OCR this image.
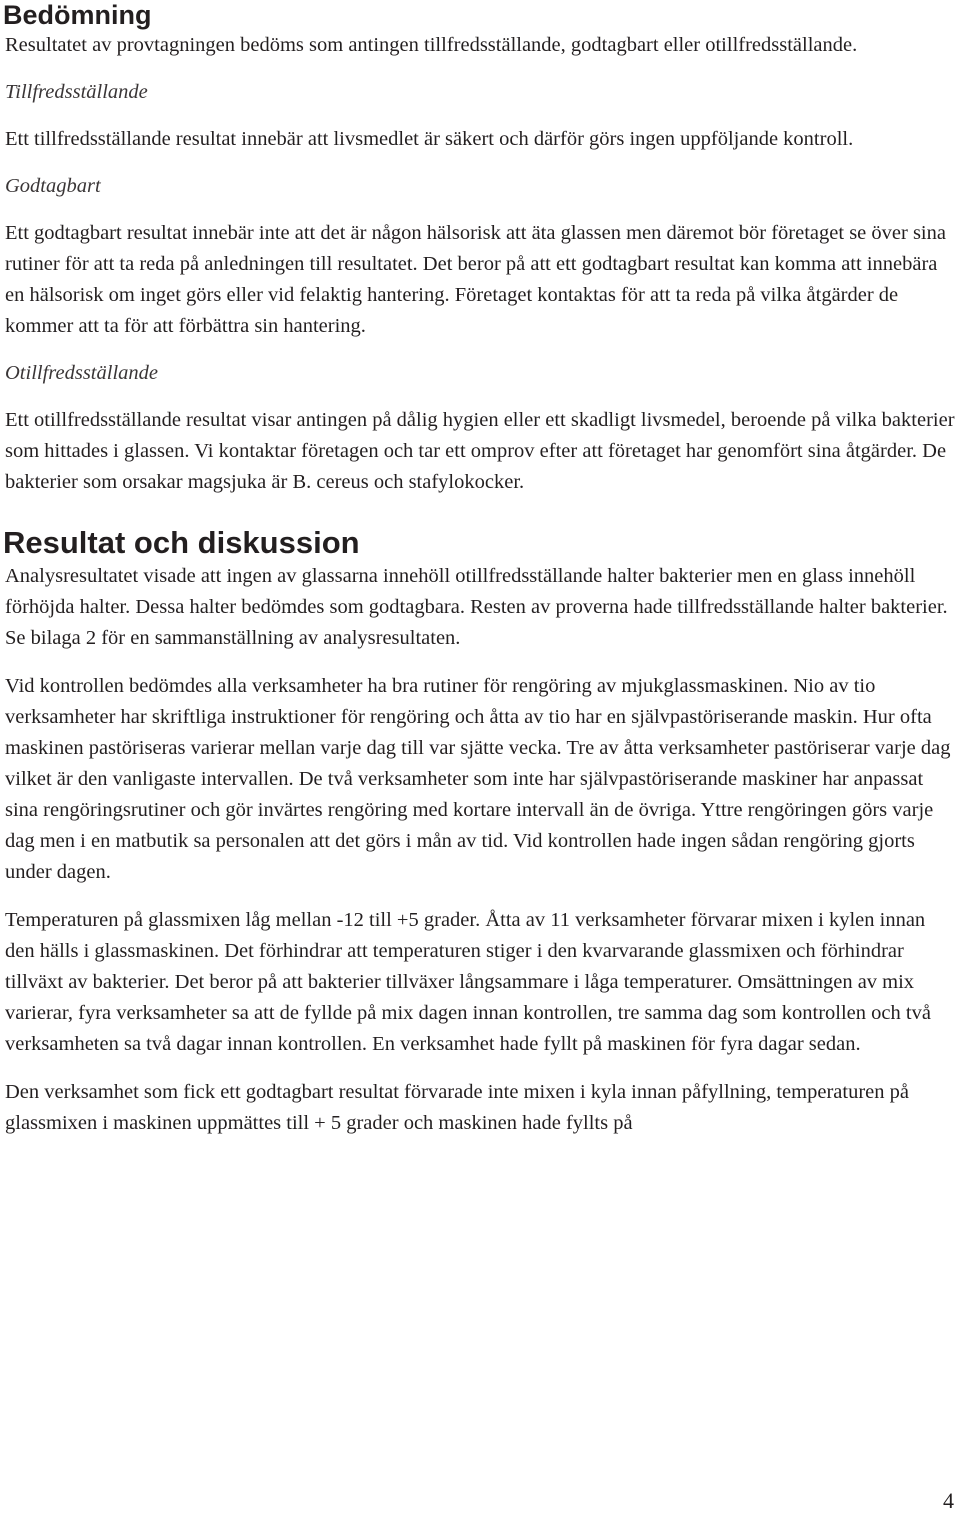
Bedömning

Resultatet av provtagningen bedöms som antingen tillfredsställande, godtagbart eller otillfredsställande.

Tillfredsställande

Ett tillfredsställande resultat innebär att livsmedlet är säkert och därför görs ingen uppföljande kontroll.

Godtagbart

Ett godtagbart resultat innebär inte att det är någon hälsorisk att äta glassen men däremot bör företaget se över sina rutiner för att ta reda på anledningen till resultatet. Det beror på att ett godtagbart resultat kan komma att innebära en hälsorisk om inget görs eller vid felaktig hantering. Företaget kontaktas för att ta reda på vilka åtgärder de kommer att ta för att förbättra sin hantering.

Otillfredsställande

Ett otillfredsställande resultat visar antingen på dålig hygien eller ett skadligt livsmedel, beroende på vilka bakterier som hittades i glassen. Vi kontaktar företagen och tar ett omprov efter att företaget har genomfört sina åtgärder. De bakterier som orsakar magsjuka är B. cereus och stafylokocker.

Resultat och diskussion

Analysresultatet visade att ingen av glassarna innehöll otillfredsställande halter bakterier men en glass innehöll förhöjda halter. Dessa halter bedömdes som godtagbara. Resten av proverna hade tillfredsställande halter bakterier. Se bilaga 2 för en sammanställning av analysresultaten.

Vid kontrollen bedömdes alla verksamheter ha bra rutiner för rengöring av mjukglassmaskinen. Nio av tio verksamheter har skriftliga instruktioner för rengöring och åtta av tio har en självpastöriserande maskin. Hur ofta maskinen pastöriseras varierar mellan varje dag till var sjätte vecka. Tre av åtta verksamheter pastöriserar varje dag vilket är den vanligaste intervallen. De två verksamheter som inte har självpastöriserande maskiner har anpassat sina rengöringsrutiner och gör invärtes rengöring med kortare intervall än de övriga. Yttre rengöringen görs varje dag men i en matbutik sa personalen att det görs i mån av tid. Vid kontrollen hade ingen sådan rengöring gjorts under dagen.

Temperaturen på glassmixen låg mellan -12 till +5 grader. Åtta av 11 verksamheter förvarar mixen i kylen innan den hälls i glassmaskinen. Det förhindrar att temperaturen stiger i den kvarvarande glassmixen och förhindrar tillväxt av bakterier. Det beror på att bakterier tillväxer långsammare i låga temperaturer. Omsättningen av mix varierar, fyra verksamheter sa att de fyllde på mix dagen innan kontrollen, tre samma dag som kontrollen och två verksamheten sa två dagar innan kontrollen. En verksamhet hade fyllt på maskinen för fyra dagar sedan.

Den verksamhet som fick ett godtagbart resultat förvarade inte mixen i kyla innan påfyllning, temperaturen på glassmixen i maskinen uppmättes till + 5 grader och maskinen hade fyllts på

4
